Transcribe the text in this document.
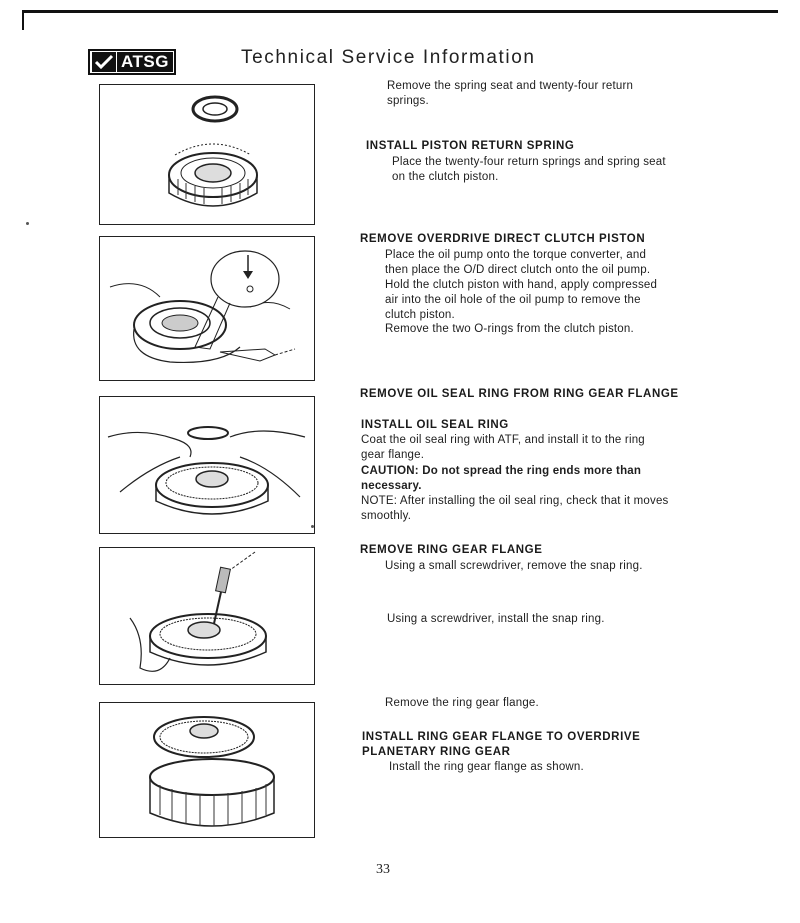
ATSG	Technical Service Information
Remove the spring seat and twenty-four return springs.
INSTALL PISTON RETURN SPRING
Place the twenty-four return springs and spring seat on the clutch piston.
REMOVE OVERDRIVE DIRECT CLUTCH PISTON
Place the oil pump onto the torque converter, and then place the O/D direct clutch onto the oil pump.
Hold the clutch piston with hand, apply compressed air into the oil hole of the oil pump to remove the clutch piston.
Remove the two O-rings from the clutch piston.
REMOVE OIL SEAL RING FROM RING GEAR FLANGE
INSTALL OIL SEAL RING
Coat the oil seal ring with ATF, and install it to the ring gear flange.
CAUTION: Do not spread the ring ends more than necessary.
NOTE: After installing the oil seal ring, check that it moves smoothly.
REMOVE RING GEAR FLANGE
Using a small screwdriver, remove the snap ring.
Using a screwdriver, install the snap ring.
Remove the ring gear flange.
INSTALL RING GEAR FLANGE TO OVERDRIVE PLANETARY RING GEAR
Install the ring gear flange as shown.
33
